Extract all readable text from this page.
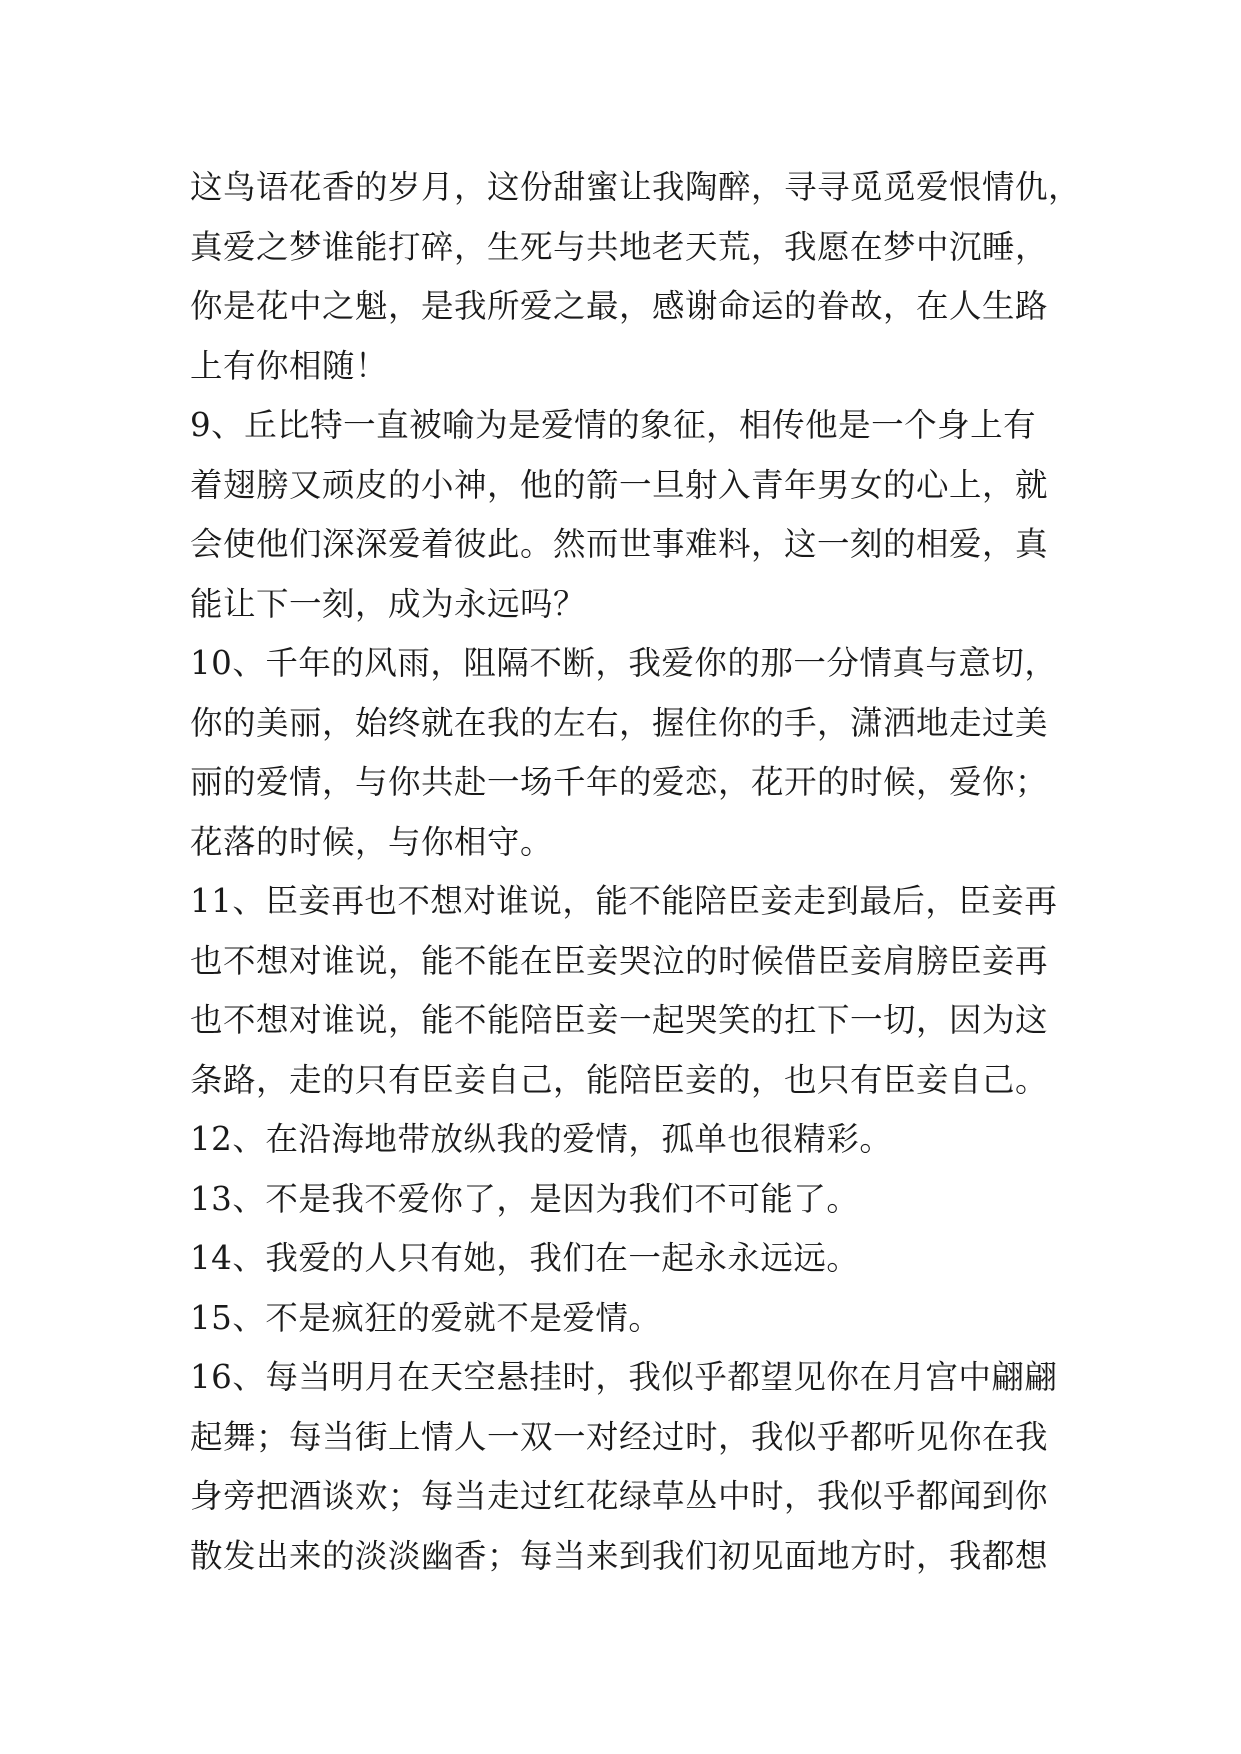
这鸟语花香的岁月，这份甜蜜让我陶醉，寻寻觅觅爱恨情仇，
真爱之梦谁能打碎，生死与共地老天荒，我愿在梦中沉睡，
你是花中之魁，是我所爱之最，感谢命运的眷故，在人生路
上有你相随！
9、丘比特一直被喻为是爱情的象征，相传他是一个身上有
着翅膀又顽皮的小神，他的箭一旦射入青年男女的心上，就
会使他们深深爱着彼此。然而世事难料，这一刻的相爱，真
能让下一刻，成为永远吗？
10、千年的风雨，阻隔不断，我爱你的那一分情真与意切，
你的美丽，始终就在我的左右，握住你的手，潇洒地走过美
丽的爱情，与你共赴一场千年的爱恋，花开的时候，爱你；
花落的时候，与你相守。
11、臣妾再也不想对谁说，能不能陪臣妾走到最后，臣妾再
也不想对谁说，能不能在臣妾哭泣的时候借臣妾肩膀臣妾再
也不想对谁说，能不能陪臣妾一起哭笑的扛下一切，因为这
条路，走的只有臣妾自己，能陪臣妾的，也只有臣妾自己。
12、在沿海地带放纵我的爱情，孤单也很精彩。
13、不是我不爱你了，是因为我们不可能了。
14、我爱的人只有她，我们在一起永永远远。
15、不是疯狂的爱就不是爱情。
16、每当明月在天空悬挂时，我似乎都望见你在月宫中翩翩
起舞；每当街上情人一双一对经过时，我似乎都听见你在我
身旁把酒谈欢；每当走过红花绿草丛中时，我似乎都闻到你
散发出来的淡淡幽香；每当来到我们初见面地方时，我都想
